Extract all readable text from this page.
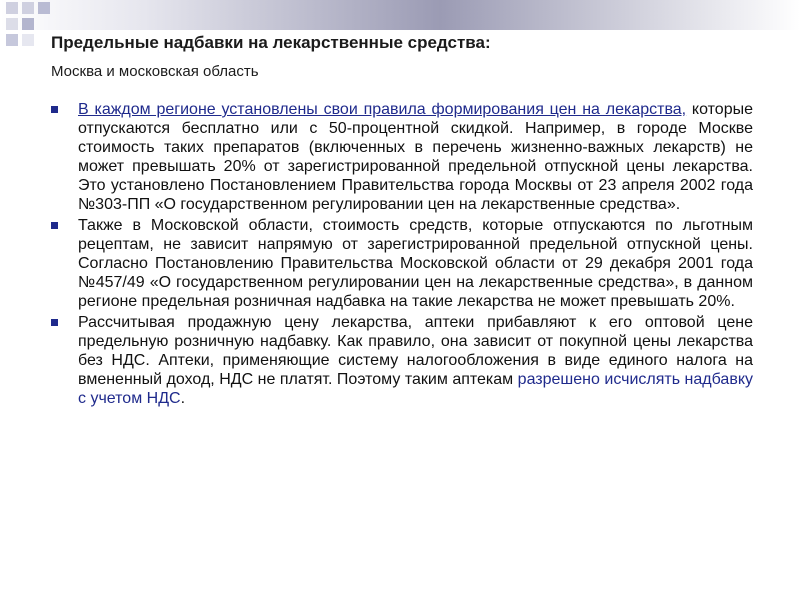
Предельные надбавки на лекарственные средства:
Москва и московская область
В каждом регионе установлены свои правила формирования цен на лекарства, которые отпускаются бесплатно или с 50-процентной скидкой. Например, в городе Москве стоимость таких препаратов (включенных в перечень жизненно-важных лекарств) не может превышать 20% от зарегистрированной предельной отпускной цены лекарства. Это установлено Постановлением Правительства города Москвы от 23 апреля 2002 года №303-ПП «О государственном регулировании цен на лекарственные средства».
Также в Московской области, стоимость средств, которые отпускаются по льготным рецептам, не зависит напрямую от зарегистрированной предельной отпускной цены. Согласно Постановлению Правительства Московской области от 29 декабря 2001 года №457/49 «О государственном регулировании цен на лекарственные средства», в данном регионе предельная розничная надбавка на такие лекарства не может превышать 20%.
Рассчитывая продажную цену лекарства, аптеки прибавляют к его оптовой цене предельную розничную надбавку. Как правило, она зависит от покупной цены лекарства без НДС. Аптеки, применяющие систему налогообложения в виде единого налога на вмененный доход, НДС не платят. Поэтому таким аптекам разрешено исчислять надбавку с учетом НДС.
